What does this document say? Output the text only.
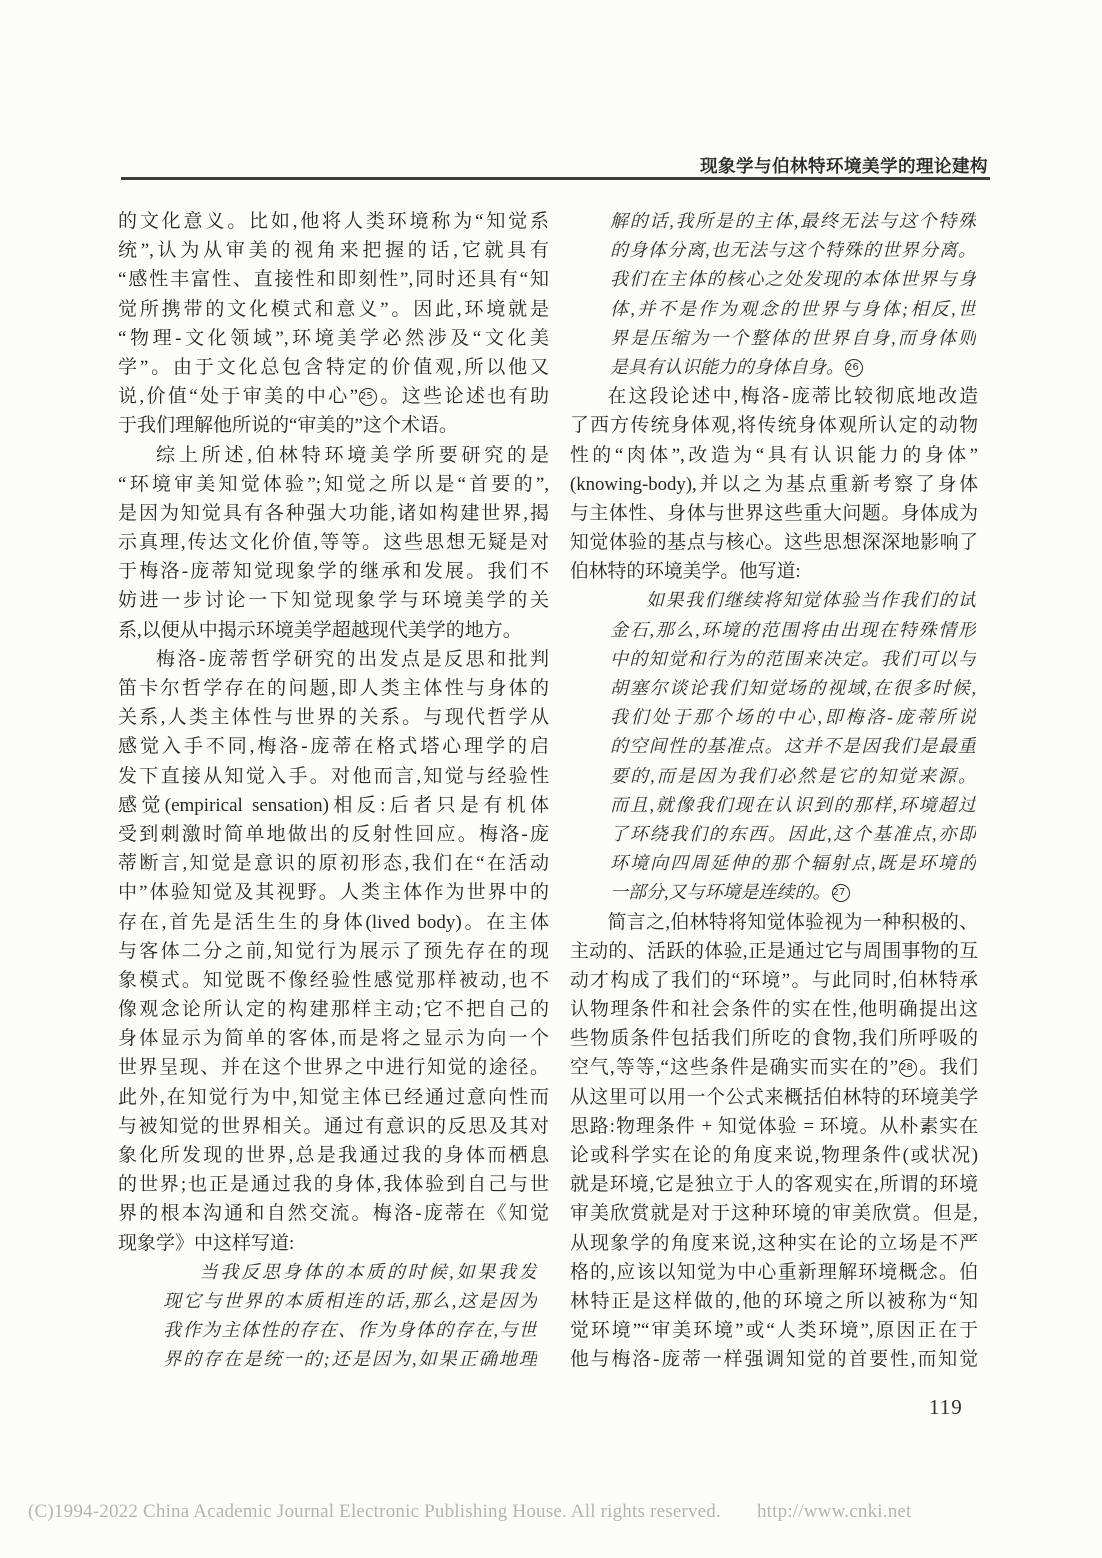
现象学与伯林特环境美学的理论建构
的文化意义。比如,他将人类环境称为“知觉系
统”,认为从审美的视角来把握的话,它就具有
“感性丰富性、直接性和即刻性”,同时还具有“知
觉所携带的文化模式和意义”。因此,环境就是
“物理-文化领域”,环境美学必然涉及“文化美
学”。由于文化总包含特定的价值观,所以他又
说,价值“处于审美的中心” 25 。这些论述也有助
于我们理解他所说的“审美的”这个术语。
综上所述,伯林特环境美学所要研究的是
“环境审美知觉体验”;知觉之所以是“首要的”,
是因为知觉具有各种强大功能,诸如构建世界,揭
示真理,传达文化价值,等等。这些思想无疑是对
于梅洛-庞蒂知觉现象学的继承和发展。我们不
妨进一步讨论一下知觉现象学与环境美学的关
系,以便从中揭示环境美学超越现代美学的地方。
梅洛-庞蒂哲学研究的出发点是反思和批判
笛卡尔哲学存在的问题,即人类主体性与身体的
关系,人类主体性与世界的关系。与现代哲学从
感觉入手不同,梅洛-庞蒂在格式塔心理学的启
发下直接从知觉入手。对他而言,知觉与经验性
感觉(empirical sensation)相反:后者只是有机体
受到刺激时简单地做出的反射性回应。梅洛-庞
蒂断言,知觉是意识的原初形态,我们在“在活动
中”体验知觉及其视野。人类主体作为世界中的
存在,首先是活生生的身体(lived body)。在主体
与客体二分之前,知觉行为展示了预先存在的现
象模式。知觉既不像经验性感觉那样被动,也不
像观念论所认定的构建那样主动;它不把自己的
身体显示为简单的客体,而是将之显示为向一个
世界呈现、并在这个世界之中进行知觉的途径。
此外,在知觉行为中,知觉主体已经通过意向性而
与被知觉的世界相关。通过有意识的反思及其对
象化所发现的世界,总是我通过我的身体而栖息
的世界;也正是通过我的身体,我体验到自己与世
界的根本沟通和自然交流。梅洛-庞蒂在《知觉
现象学》中这样写道:
当我反思身体的本质的时候,如果我发
现它与世界的本质相连的话,那么,这是因为
我作为主体性的存在、作为身体的存在,与世
界的存在是统一的;还是因为,如果正确地理
解的话,我所是的主体,最终无法与这个特殊
的身体分离,也无法与这个特殊的世界分离。
我们在主体的核心之处发现的本体世界与身
体,并不是作为观念的世界与身体;相反,世
界是压缩为一个整体的世界自身,而身体则
是具有认识能力的身体自身。 26
在这段论述中,梅洛-庞蒂比较彻底地改造
了西方传统身体观,将传统身体观所认定的动物
性的“肉体”,改造为“具有认识能力的身体”
(knowing-body),并以之为基点重新考察了身体
与主体性、身体与世界这些重大问题。身体成为
知觉体验的基点与核心。这些思想深深地影响了
伯林特的环境美学。他写道:
如果我们继续将知觉体验当作我们的试
金石,那么,环境的范围将由出现在特殊情形
中的知觉和行为的范围来决定。我们可以与
胡塞尔谈论我们知觉场的视域,在很多时候,
我们处于那个场的中心,即梅洛-庞蒂所说
的空间性的基准点。这并不是因我们是最重
要的,而是因为我们必然是它的知觉来源。
而且,就像我们现在认识到的那样,环境超过
了环绕我们的东西。因此,这个基准点,亦即
环境向四周延伸的那个辐射点,既是环境的
一部分,又与环境是连续的。 27
简言之,伯林特将知觉体验视为一种积极的、
主动的、活跃的体验,正是通过它与周围事物的互
动才构成了我们的“环境”。与此同时,伯林特承
认物理条件和社会条件的实在性,他明确提出这
些物质条件包括我们所吃的食物,我们所呼吸的
空气,等等,“这些条件是确实而实在的” 28 。我们
从这里可以用一个公式来概括伯林特的环境美学
思路:物理条件 + 知觉体验 = 环境。从朴素实在
论或科学实在论的角度来说,物理条件(或状况)
就是环境,它是独立于人的客观实在,所谓的环境
审美欣赏就是对于这种环境的审美欣赏。但是,
从现象学的角度来说,这种实在论的立场是不严
格的,应该以知觉为中心重新理解环境概念。伯
林特正是这样做的,他的环境之所以被称为“知
觉环境”“审美环境”或“人类环境”,原因正在于
他与梅洛-庞蒂一样强调知觉的首要性,而知觉
119
(C)1994-2022 China Academic Journal Electronic Publishing House. All rights reserved. http://www.cnki.net
